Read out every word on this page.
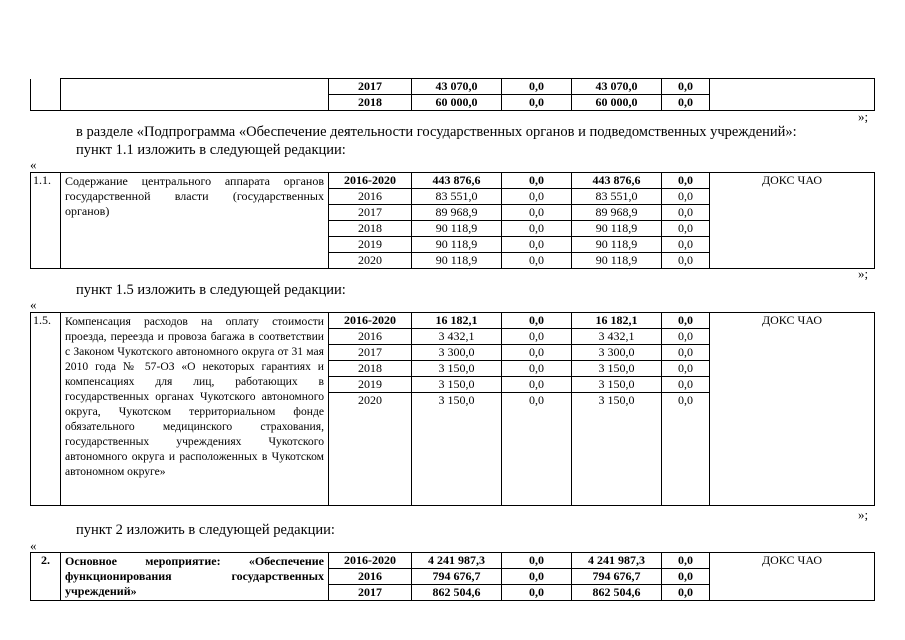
		2017	43 070,0	0,0	43 070,0	0,0	
		2018	60 000,0	0,0	60 000,0	0,0	
»;
в разделе «Подпрограмма «Обеспечение деятельности государственных органов и подведомственных учреждений»:
пункт 1.1 изложить в следующей редакции:
«
1.1.	Содержание центрального аппарата органов государственной власти (государственных органов)	2016-2020	443 876,6	0,0	443 876,6	0,0	ДОКС ЧАО
		2016	83 551,0	0,0	83 551,0	0,0	
		2017	89 968,9	0,0	89 968,9	0,0	
		2018	90 118,9	0,0	90 118,9	0,0	
		2019	90 118,9	0,0	90 118,9	0,0	
		2020	90 118,9	0,0	90 118,9	0,0	
»;
пункт 1.5 изложить в следующей редакции:
«
1.5.	Компенсация расходов на оплату стоимости проезда, переезда и провоза багажа в соответствии с Законом Чукотского автономного округа от 31 мая 2010 года № 57-ОЗ «О некоторых гарантиях и компенсациях для лиц, работающих в государственных органах Чукотского автономного округа, Чукотском территориальном фонде обязательного медицинского страхования, государственных учреждениях Чукотского автономного округа и расположенных в Чукотском автономном округе»	2016-2020	16 182,1	0,0	16 182,1	0,0	ДОКС ЧАО
		2016	3 432,1	0,0	3 432,1	0,0	
		2017	3 300,0	0,0	3 300,0	0,0	
		2018	3 150,0	0,0	3 150,0	0,0	
		2019	3 150,0	0,0	3 150,0	0,0	
		2020	3 150,0	0,0	3 150,0	0,0	
»;
пункт 2 изложить в следующей редакции:
«
2.	Основное мероприятие: «Обеспечение функционирования государственных учреждений»	2016-2020	4 241 987,3	0,0	4 241 987,3	0,0	ДОКС ЧАО
		2016	794 676,7	0,0	794 676,7	0,0	
		2017	862 504,6	0,0	862 504,6	0,0	
